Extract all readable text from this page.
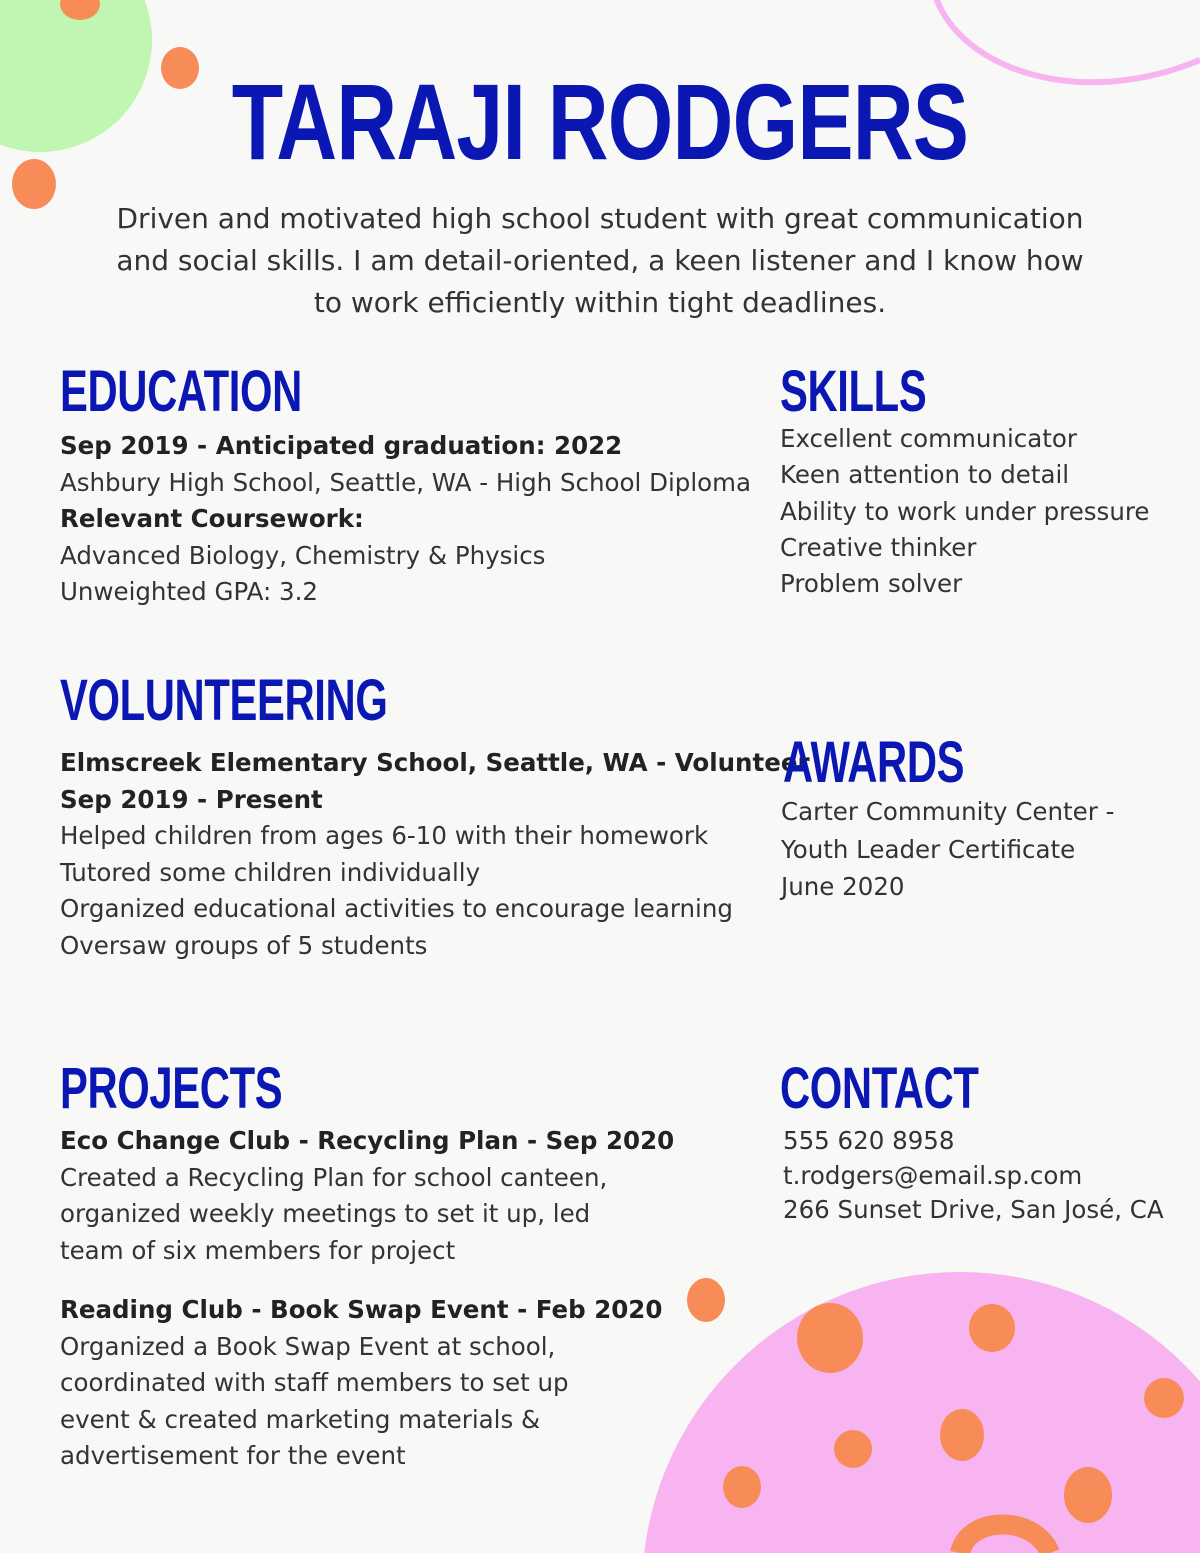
TARAJI RODGERS
Driven and motivated high school student with great communication and social skills. I am detail-oriented, a keen listener and I know how to work efficiently within tight deadlines.
EDUCATION
Sep 2019 - Anticipated graduation: 2022
Ashbury High School, Seattle, WA - High School Diploma
Relevant Coursework:
Advanced Biology, Chemistry & Physics
Unweighted GPA: 3.2
SKILLS
Excellent communicator
Keen attention to detail
Ability to work under pressure
Creative thinker
Problem solver
VOLUNTEERING
Elmscreek Elementary School, Seattle, WA - Volunteer
Sep 2019 - Present
Helped children from ages 6-10 with their homework
Tutored some children individually
Organized educational activities to encourage learning
Oversaw groups of 5 students
AWARDS
Carter Community Center -
Youth Leader Certificate
June 2020
PROJECTS
Eco Change Club - Recycling Plan - Sep 2020
Created a Recycling Plan for school canteen,
organized weekly meetings to set it up, led
team of six members for project
Reading Club - Book Swap Event - Feb 2020
Organized a Book Swap Event at school,
coordinated with staff members to set up
event & created marketing materials &
advertisement for the event
CONTACT
555 620 8958
t.rodgers@email.sp.com
266 Sunset Drive, San José, CA
